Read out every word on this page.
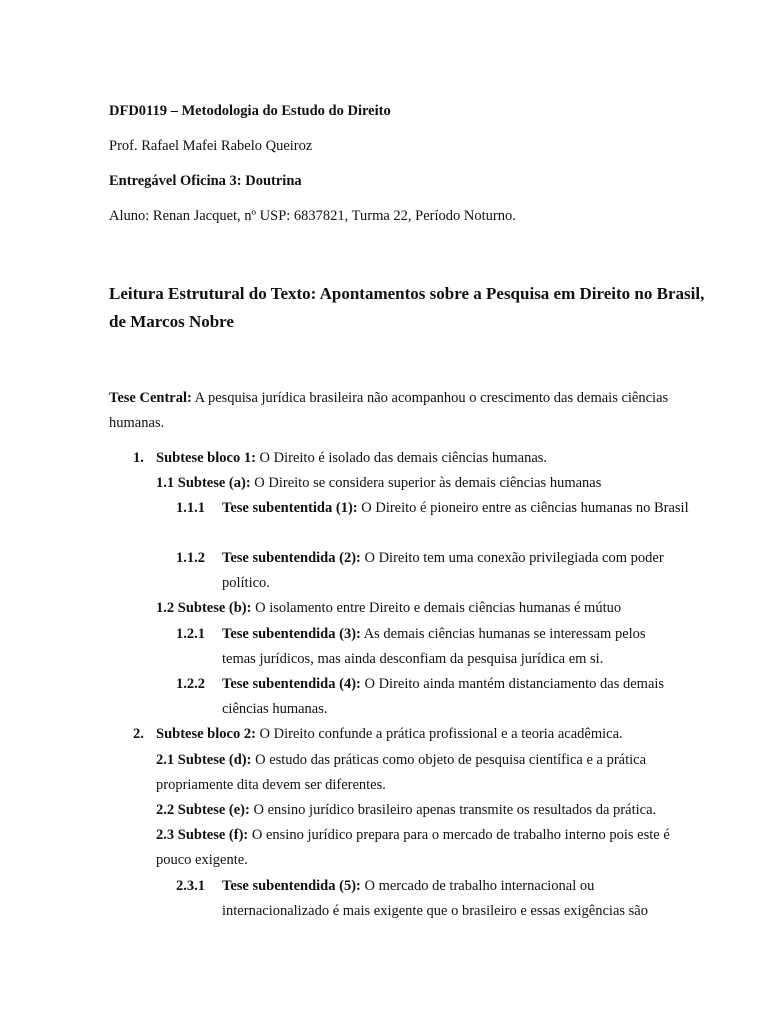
DFD0119 – Metodologia do Estudo do Direito
Prof. Rafael Mafei Rabelo Queiroz
Entregável Oficina 3: Doutrina
Aluno: Renan Jacquet, nº USP: 6837821, Turma 22, Período Noturno.
Leitura Estrutural do Texto: Apontamentos sobre a Pesquisa em Direito no Brasil, de Marcos Nobre
Tese Central: A pesquisa jurídica brasileira não acompanhou o crescimento das demais ciências humanas.
1. Subtese bloco 1: O Direito é isolado das demais ciências humanas.
1.1 Subtese (a): O Direito se considera superior às demais ciências humanas
1.1.1 Tese subententida (1): O Direito é pioneiro entre as ciências humanas no Brasil
1.1.2 Tese subentendida (2): O Direito tem uma conexão privilegiada com poder político.
1.2 Subtese (b): O isolamento entre Direito e demais ciências humanas é mútuo
1.2.1 Tese subentendida (3): As demais ciências humanas se interessam pelos temas jurídicos, mas ainda desconfiam da pesquisa jurídica em si.
1.2.2 Tese subentendida (4): O Direito ainda mantém distanciamento das demais ciências humanas.
2. Subtese bloco 2: O Direito confunde a prática profissional e a teoria acadêmica.
2.1 Subtese (d): O estudo das práticas como objeto de pesquisa científica e a prática propriamente dita devem ser diferentes.
2.2 Subtese (e): O ensino jurídico brasileiro apenas transmite os resultados da prática.
2.3 Subtese (f): O ensino jurídico prepara para o mercado de trabalho interno pois este é pouco exigente.
2.3.1 Tese subentendida (5): O mercado de trabalho internacional ou internacionalizado é mais exigente que o brasileiro e essas exigências são
